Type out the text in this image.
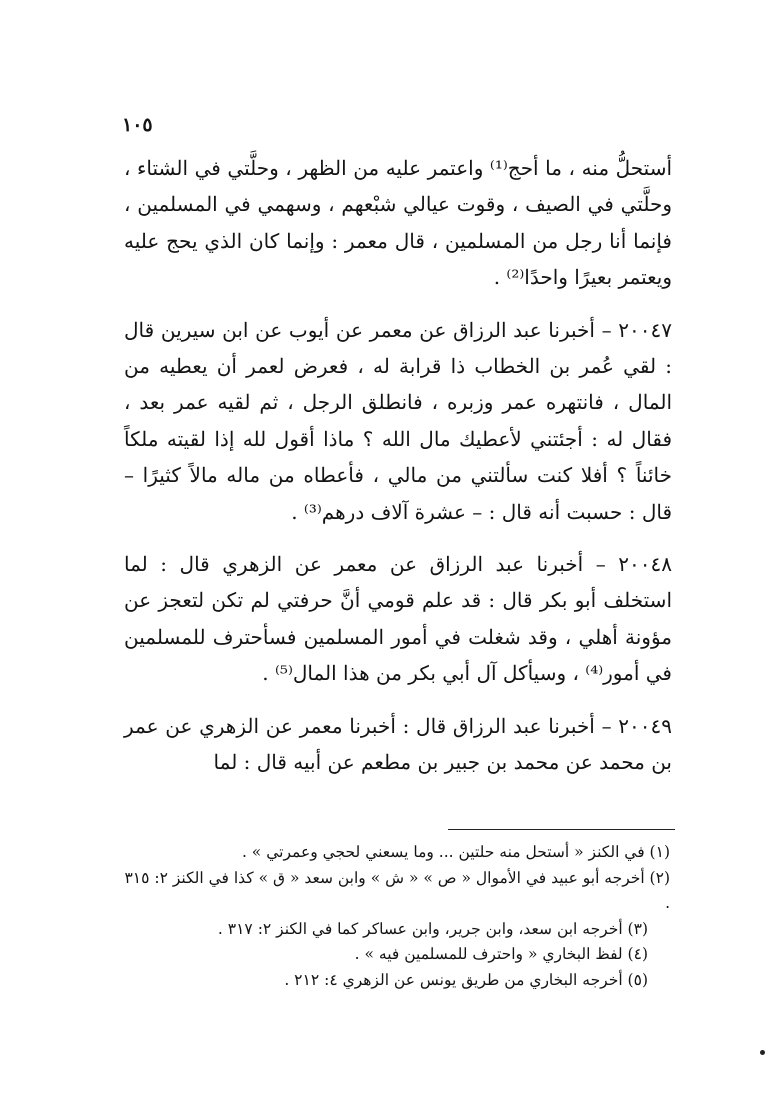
١٠٥

أستحلُّ منه ، ما أحج⁽¹⁾ واعتمر عليه من الظهر ، وحلَّتي في الشتاء ، وحلَّتي في الصيف ، وقوت عيالي شبْعهم ، وسهمي في المسلمين ، فإنما أنا رجل من المسلمين ، قال معمر : وإنما كان الذي يحج عليه ويعتمر بعيرًا واحدًا⁽²⁾ .

٢٠٠٤٧ – أخبرنا عبد الرزاق عن معمر عن أيوب عن ابن سيرين قال : لقي عُمر بن الخطاب ذا قرابة له ، فعرض لعمر أن يعطيه من المال ، فانتهره عمر وزبره ، فانطلق الرجل ، ثم لقيه عمر بعد ، فقال له : أجئتني لأعطيك مال الله ؟ ماذا أقول لله إذا لقيته ملكاً خائناً ؟ أفلا كنت سألتني من مالي ، فأعطاه من ماله مالاً كثيرًا – قال : حسبت أنه قال : – عشرة آلاف درهم⁽³⁾ .

٢٠٠٤٨ – أخبرنا عبد الرزاق عن معمر عن الزهري قال : لما استخلف أبو بكر قال : قد علم قومي أنَّ حرفتي لم تكن لتعجز عن مؤونة أهلي ، وقد شغلت في أمور المسلمين فسأحترف للمسلمين في أمور⁽⁴⁾ ، وسيأكل آل أبي بكر من هذا المال⁽⁵⁾ .

٢٠٠٤٩ – أخبرنا عبد الرزاق قال : أخبرنا معمر عن الزهري عن عمر بن محمد عن محمد بن جبير بن مطعم عن أبيه قال : لما

(١) في الكنز « أستحل منه حلتين ... وما يسعني لحجي وعمرتي » .

(٢) أخرجه أبو عبيد في الأموال « ص » « ش » وابن سعد « ق » كذا في الكنز ٢: ٣١٥ .

(٣) أخرجه ابن سعد، وابن جرير، وابن عساكر كما في الكنز ٢: ٣١٧ .

(٤) لفظ البخاري « واحترف للمسلمين فيه » .

(٥) أخرجه البخاري من طريق يونس عن الزهري ٤: ٢١٢ .
